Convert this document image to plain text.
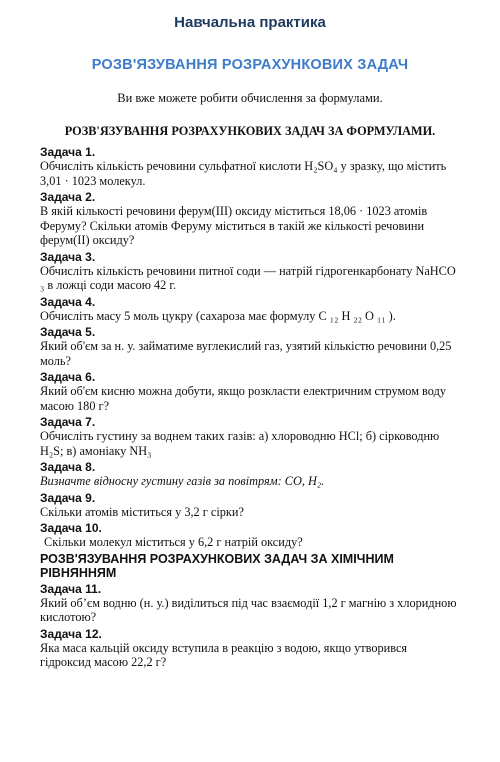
Навчальна практика

РОЗВ'ЯЗУВАННЯ РОЗРАХУНКОВИХ ЗАДАЧ

Ви вже можете робити обчислення за формулами.

РОЗВ'ЯЗУВАННЯ РОЗРАХУНКОВИХ ЗАДАЧ ЗА ФОРМУЛАМИ.

Задача 1.

Обчисліть кількість речовини сульфатної кислоти H₂SO₄ у зразку, що містить 3,01 · 1023 молекул.

Задача 2.

В якій кількості речовини ферум(ІІІ) оксиду міститься 18,06 · 1023 атомів Феруму? Скільки атомів Феруму міститься в такій же кількості речовини ферум(ІІ) оксиду?

Задача 3.

Обчисліть кількість речовини питної соди — натрій гідрогенкарбонату NaHCO ₃ в ложці соди масою 42 г.

Задача 4.

Обчисліть масу 5 моль цукру (сахароза має формулу C ₁₂ H ₂₂ O ₁₁ ).

Задача 5.

Який об'єм за н. у. займатиме вуглекислий газ, узятий кількістю речовини 0,25 моль?

Задача 6.

Який об'єм кисню можна добути, якщо розкласти електричним струмом воду масою 180 г?

Задача 7.

Обчисліть густину за воднем таких газів: а) хлороводню HCl; б) сірководню H₂S; в) амоніаку NH₃

Задача 8.

Визначте відносну густину газів за повітрям: CO, H₂.

Задача 9.

Скільки атомів міститься у 3,2 г сірки?

Задача 10.

Скільки молекул міститься у 6,2 г натрій оксиду?

РОЗВ'ЯЗУВАННЯ РОЗРАХУНКОВИХ ЗАДАЧ ЗА ХІМІЧНИМ РІВНЯННЯМ

Задача 11.

Який об’єм водню (н. у.) виділиться під час взаємодії 1,2 г магнію з хлоридною кислотою?

Задача 12.

Яка маса кальцій оксиду вступила в реакцію з водою, якщо утворився гідроксид масою 22,2 г?
